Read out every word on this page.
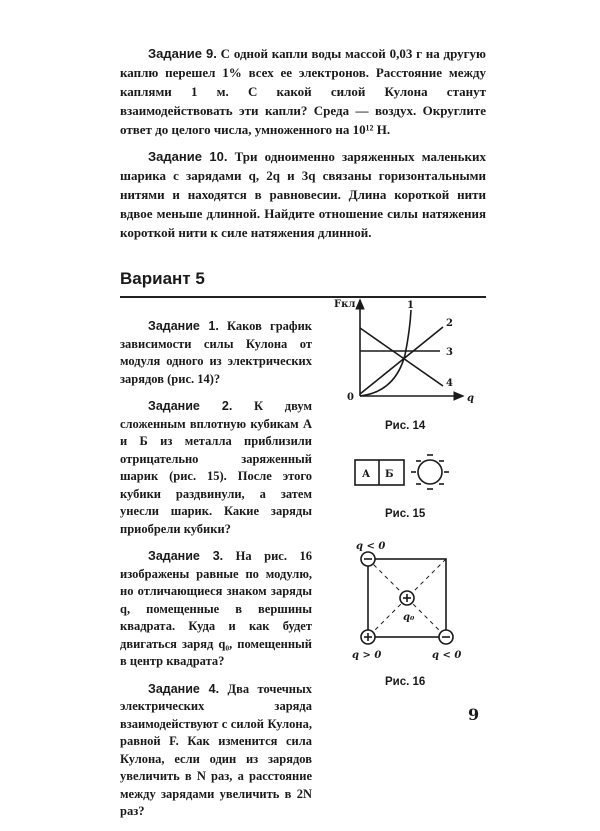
Задание 9. С одной капли воды массой 0,03 г на другую каплю перешел 1% всех ее электронов. Расстояние между каплями 1 м. С какой силой Кулона станут взаимодействовать эти капли? Среда — воздух. Округлите ответ до целого числа, умноженного на 10¹² Н.

Задание 10. Три одноименно заряженных маленьких шарика с зарядами q, 2q и 3q связаны горизонтальными нитями и находятся в равновесии. Длина короткой нити вдвое меньше длинной. Найдите отношение силы натяжения короткой нити к силе натяжения длинной.

Вариант 5

Задание 1. Каков график зависимости силы Кулона от модуля одного из электрических зарядов (рис. 14)?

Задание 2. К двум сложенным вплотную кубикам А и Б из металла приблизили отрицательно заряженный шарик (рис. 15). После этого кубики раздвинули, а затем унесли шарик. Какие заряды приобрели кубики?

Задание 3. На рис. 16 изображены равные по модулю, но отличающиеся знаком заряды q, помещенные в вершины квадрата. Куда и как будет двигаться заряд q₀, помещенный в центр квадрата?

Задание 4. Два точечных электрических заряда взаимодействуют с силой Кулона, равной F. Как изменится сила Кулона, если один из зарядов увеличить в N раз, а расстояние между зарядами увеличить в 2N раз?

Fкл
q
0
1
2
3
4
А Б
q < 0
q > 0	q < 0
q₀
Рис. 14
Рис. 15
Рис. 16
9
